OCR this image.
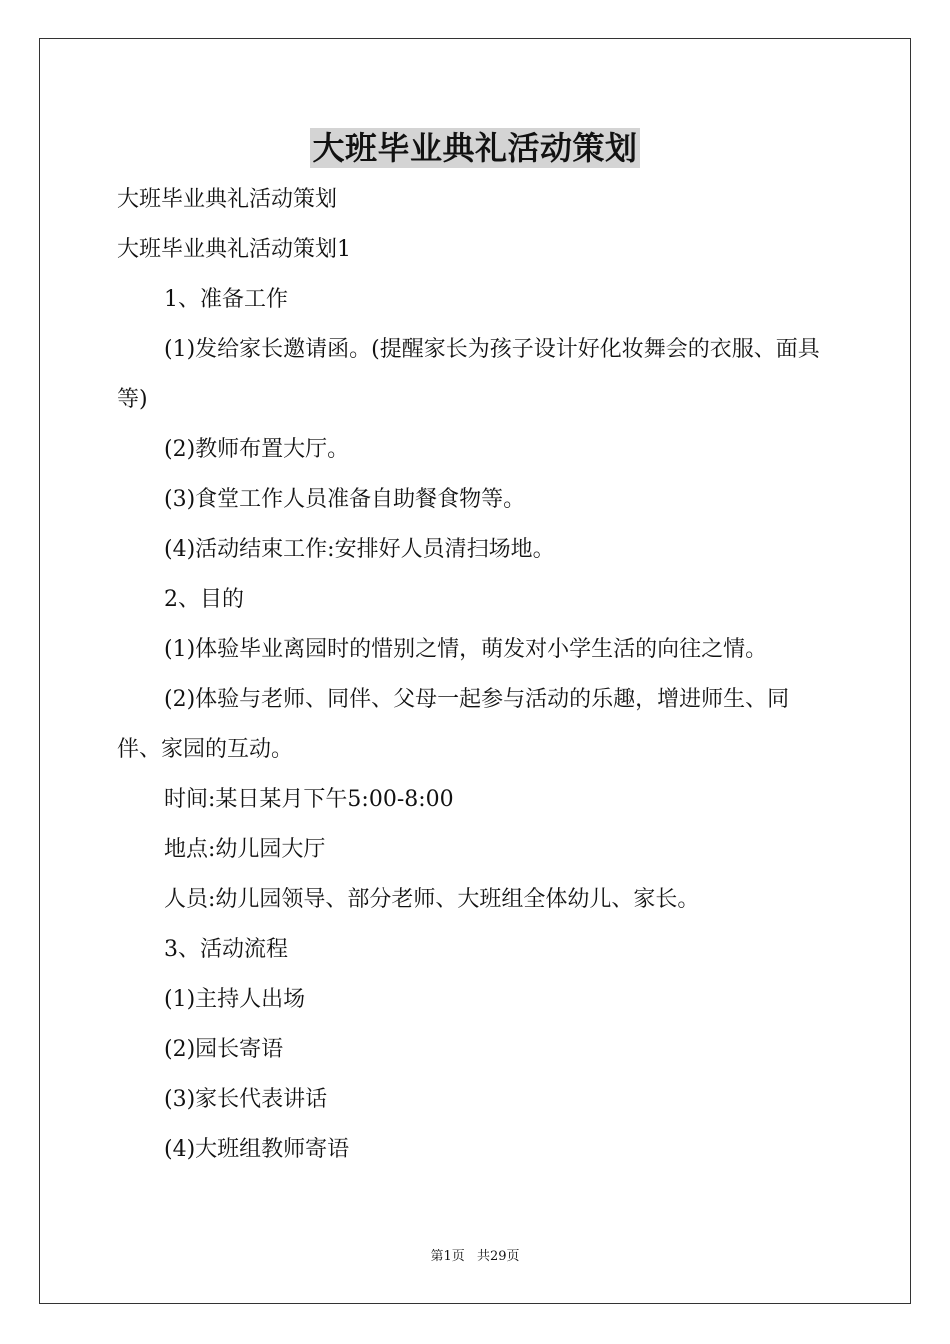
大班毕业典礼活动策划

大班毕业典礼活动策划

大班毕业典礼活动策划1

1、准备工作

(1)发给家长邀请函。(提醒家长为孩子设计好化妆舞会的衣服、面具等)

(2)教师布置大厅。

(3)食堂工作人员准备自助餐食物等。

(4)活动结束工作:安排好人员清扫场地。

2、目的

(1)体验毕业离园时的惜别之情，萌发对小学生活的向往之情。

(2)体验与老师、同伴、父母一起参与活动的乐趣，增进师生、同伴、家园的互动。

时间:某日某月下午5:00-8:00

地点:幼儿园大厅

人员:幼儿园领导、部分老师、大班组全体幼儿、家长。

3、活动流程

(1)主持人出场

(2)园长寄语

(3)家长代表讲话

(4)大班组教师寄语

第1页 共29页
